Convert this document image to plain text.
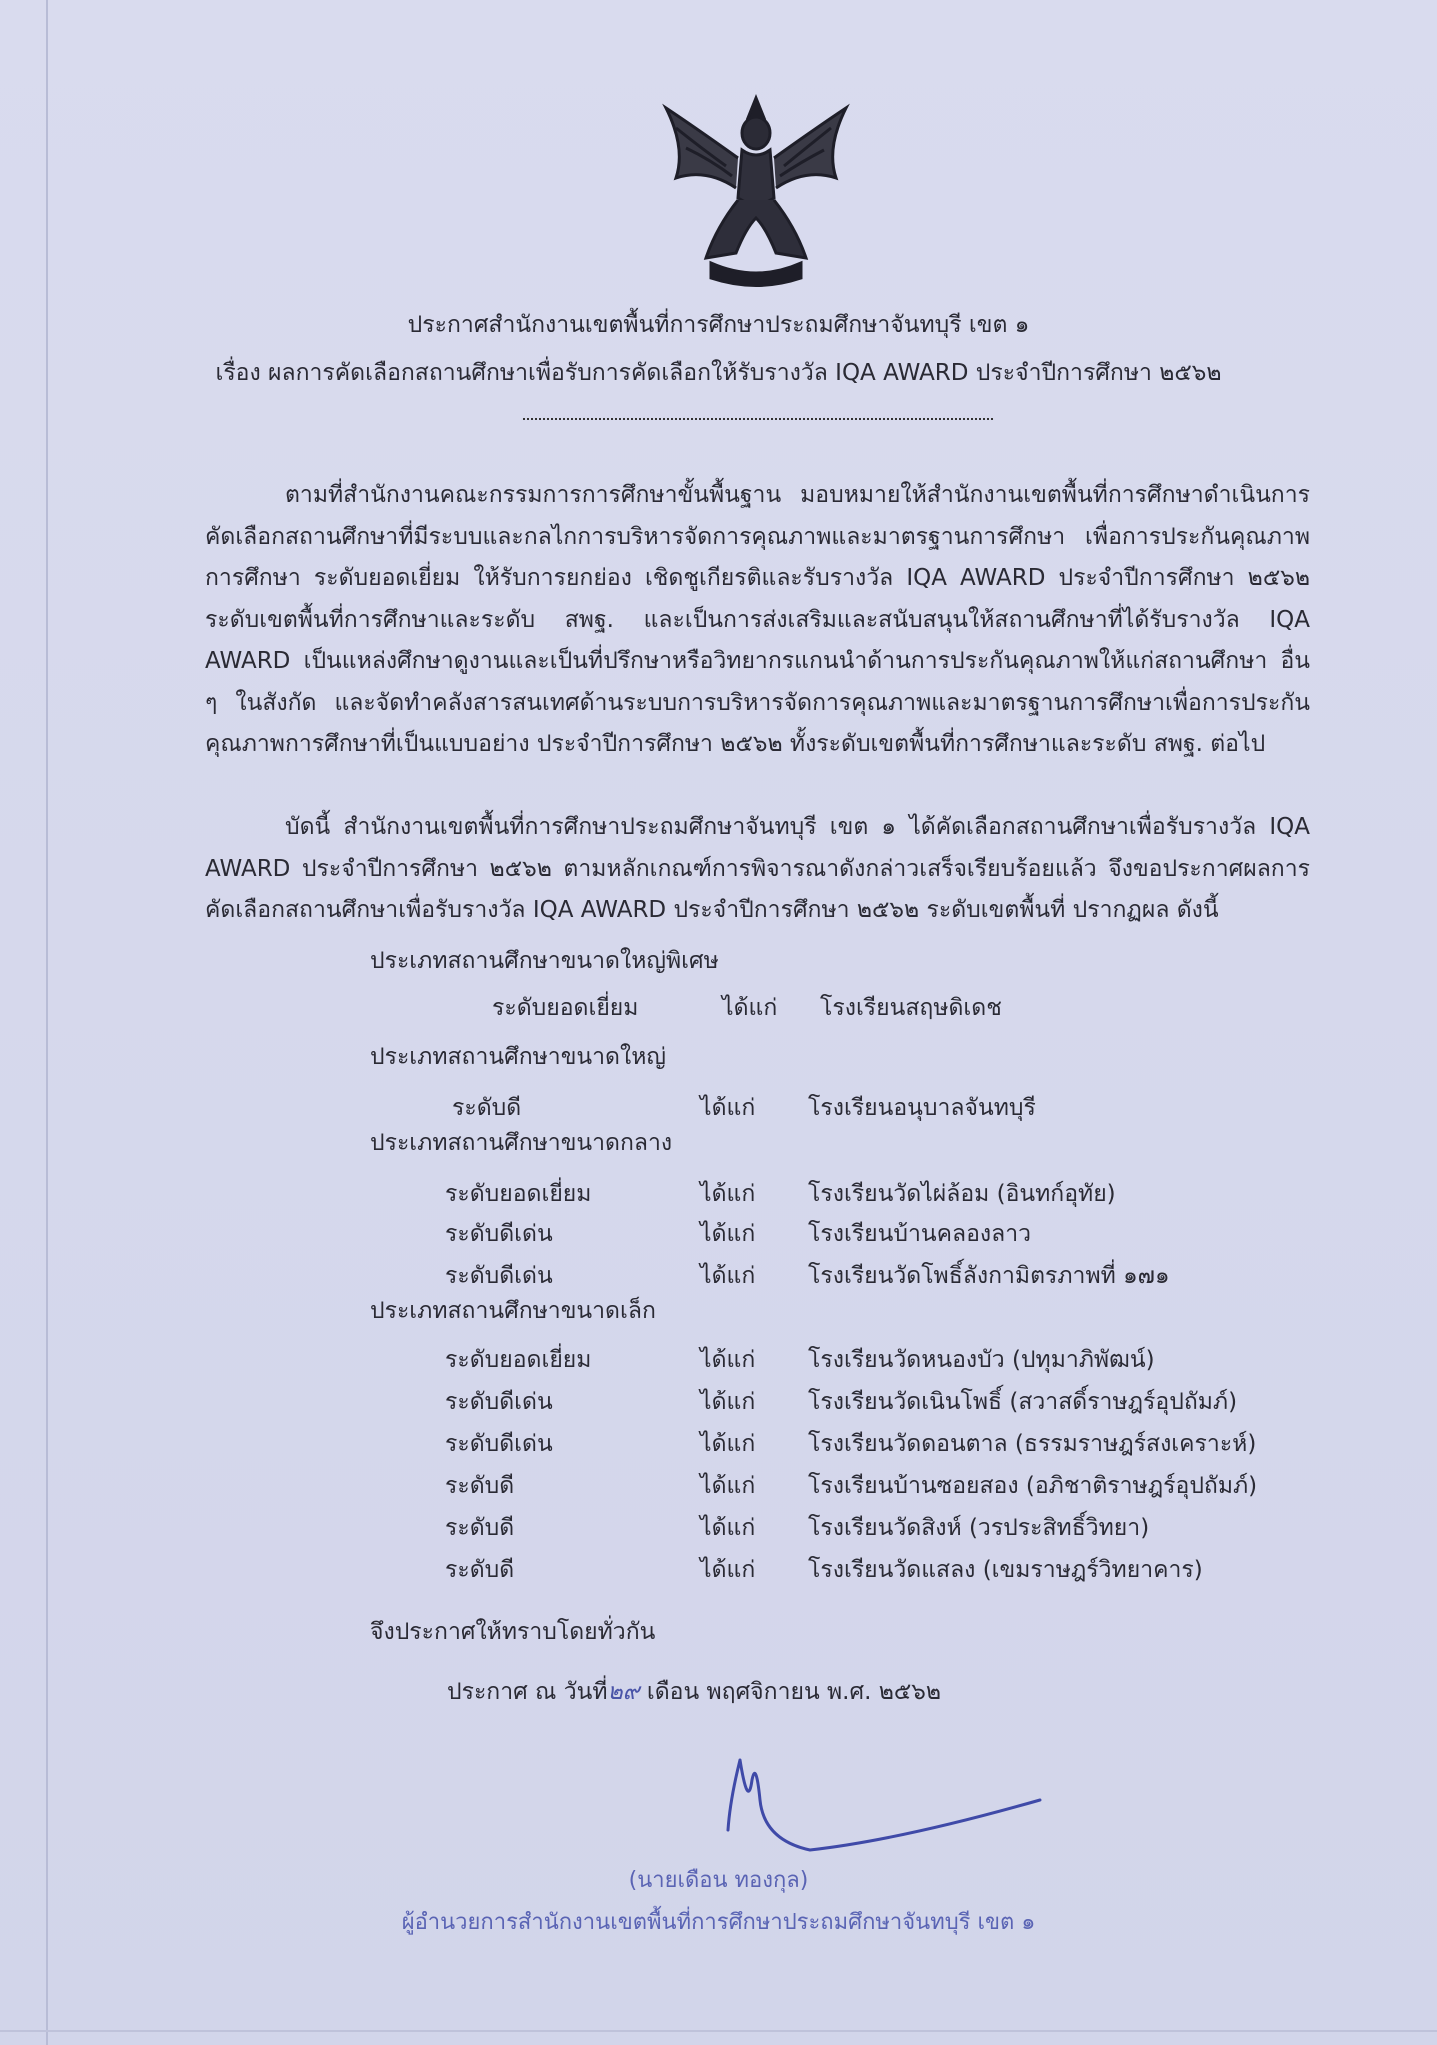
ประกาศสำนักงานเขตพื้นที่การศึกษาประถมศึกษาจันทบุรี เขต ๑
เรื่อง ผลการคัดเลือกสถานศึกษาเพื่อรับการคัดเลือกให้รับรางวัล IQA AWARD ประจำปีการศึกษา ๒๕๖๒
ตามที่สำนักงานคณะกรรมการการศึกษาขั้นพื้นฐาน มอบหมายให้สำนักงานเขตพื้นที่การศึกษาดำเนินการคัดเลือกสถานศึกษาที่มีระบบและกลไกการบริหารจัดการคุณภาพและมาตรฐานการศึกษา เพื่อการประกันคุณภาพการศึกษา ระดับยอดเยี่ยม ให้รับการยกย่อง เชิดชูเกียรติและรับรางวัล IQA AWARD ประจำปีการศึกษา ๒๕๖๒ ระดับเขตพื้นที่การศึกษาและระดับ สพฐ. และเป็นการส่งเสริมและสนับสนุนให้สถานศึกษาที่ได้รับรางวัล IQA AWARD เป็นแหล่งศึกษาดูงานและเป็นที่ปรึกษาหรือวิทยากรแกนนำด้านการประกันคุณภาพให้แก่สถานศึกษา อื่น ๆ ในสังกัด และจัดทำคลังสารสนเทศด้านระบบการบริหารจัดการคุณภาพและมาตรฐานการศึกษาเพื่อการประกันคุณภาพการศึกษาที่เป็นแบบอย่าง ประจำปีการศึกษา ๒๕๖๒ ทั้งระดับเขตพื้นที่การศึกษาและระดับ สพฐ. ต่อไป
บัดนี้ สำนักงานเขตพื้นที่การศึกษาประถมศึกษาจันทบุรี เขต ๑ ได้คัดเลือกสถานศึกษาเพื่อรับรางวัล IQA AWARD ประจำปีการศึกษา ๒๕๖๒ ตามหลักเกณฑ์การพิจารณาดังกล่าวเสร็จเรียบร้อยแล้ว จึงขอประกาศผลการคัดเลือกสถานศึกษาเพื่อรับรางวัล IQA AWARD ประจำปีการศึกษา ๒๕๖๒ ระดับเขตพื้นที่ ปรากฏผล ดังนี้
ประเภทสถานศึกษาขนาดใหญ่พิเศษ
ระดับยอดเยี่ยม	ได้แก่ โรงเรียนสฤษดิเดช
ประเภทสถานศึกษาขนาดใหญ่
ระดับดี	ได้แก่ โรงเรียนอนุบาลจันทบุรี
ประเภทสถานศึกษาขนาดกลาง
ระดับยอดเยี่ยม	ได้แก่ โรงเรียนวัดไผ่ล้อม (อินทก์อุทัย)
ระดับดีเด่น	ได้แก่ โรงเรียนบ้านคลองลาว
ระดับดีเด่น	ได้แก่ โรงเรียนวัดโพธิ์ลังกามิตรภาพที่ ๑๗๑
ประเภทสถานศึกษาขนาดเล็ก
ระดับยอดเยี่ยม	ได้แก่ โรงเรียนวัดหนองบัว (ปทุมาภิพัฒน์)
ระดับดีเด่น	ได้แก่ โรงเรียนวัดเนินโพธิ์ (สวาสดิ์ราษฎร์อุปถัมภ์)
ระดับดีเด่น	ได้แก่ โรงเรียนวัดดอนตาล (ธรรมราษฎร์สงเคราะห์)
ระดับดี	ได้แก่ โรงเรียนบ้านซอยสอง (อภิชาติราษฎร์อุปถัมภ์)
ระดับดี	ได้แก่ โรงเรียนวัดสิงห์ (วรประสิทธิ์วิทยา)
ระดับดี	ได้แก่ โรงเรียนวัดแสลง (เขมราษฎร์วิทยาคาร)
จึงประกาศให้ทราบโดยทั่วกัน
ประกาศ ณ วันที่๒๙ เดือน พฤศจิกายน พ.ศ. ๒๕๖๒
(นายเดือน ทองกุล)
ผู้อำนวยการสำนักงานเขตพื้นที่การศึกษาประถมศึกษาจันทบุรี เขต ๑
